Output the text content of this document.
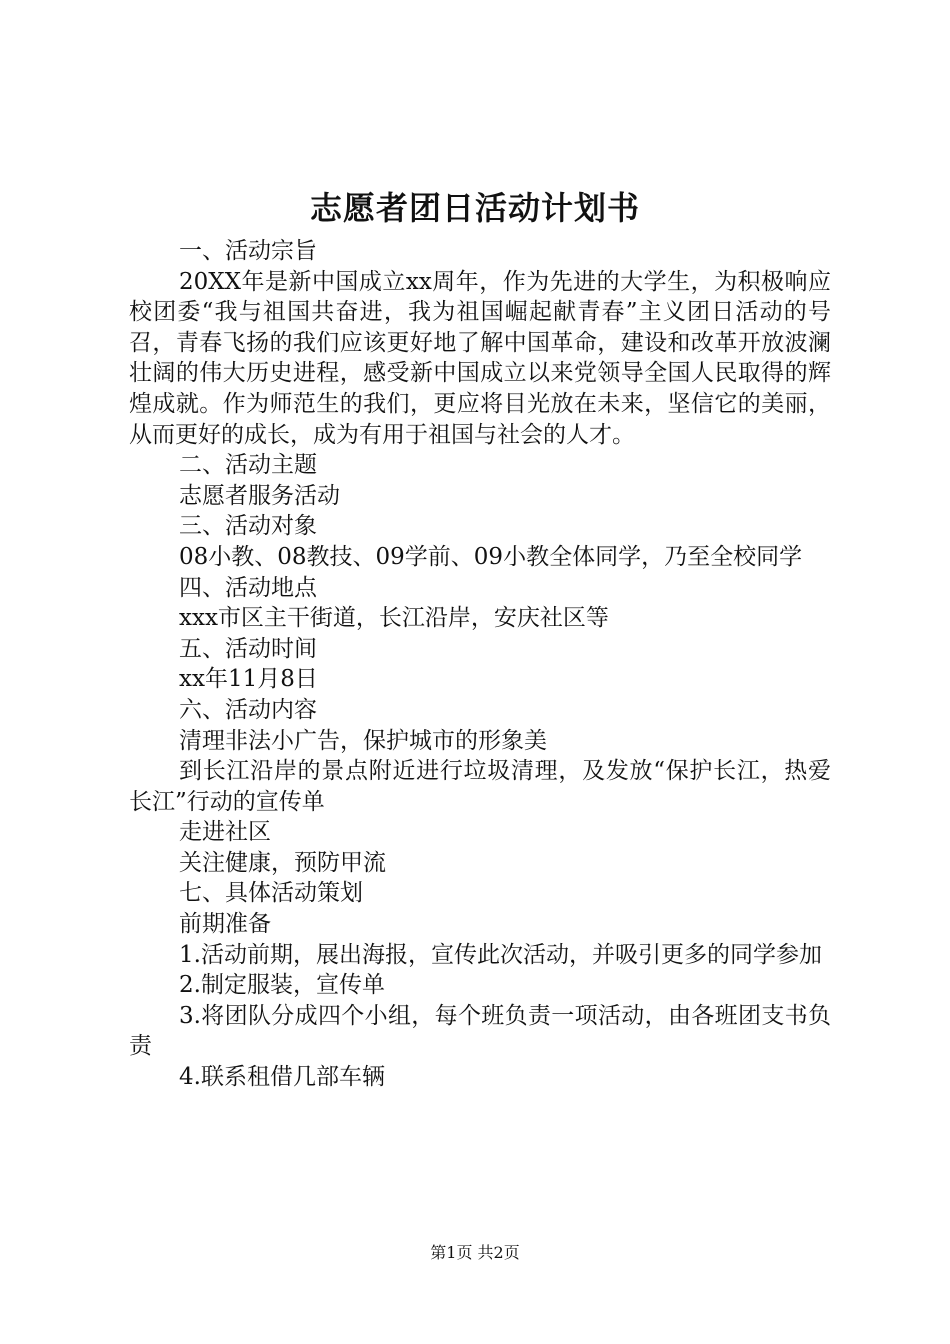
志愿者团日活动计划书

一、活动宗旨

20XX年是新中国成立xx周年，作为先进的大学生，为积极响应校团委“我与祖国共奋进，我为祖国崛起献青春”主义团日活动的号召，青春飞扬的我们应该更好地了解中国革命，建设和改革开放波澜壮阔的伟大历史进程，感受新中国成立以来党领导全国人民取得的辉煌成就。作为师范生的我们，更应将目光放在未来，坚信它的美丽，从而更好的成长，成为有用于祖国与社会的人才。

二、活动主题

志愿者服务活动

三、活动对象

08小教、08教技、09学前、09小教全体同学，乃至全校同学

四、活动地点

xxx市区主干街道，长江沿岸，安庆社区等

五、活动时间

xx年11月8日

六、活动内容

清理非法小广告，保护城市的形象美

到长江沿岸的景点附近进行垃圾清理，及发放“保护长江，热爱长江”行动的宣传单

走进社区

关注健康，预防甲流

七、具体活动策划

前期准备

1.活动前期，展出海报，宣传此次活动，并吸引更多的同学参加

2.制定服装，宣传单

3.将团队分成四个小组，每个班负责一项活动，由各班团支书负责

4.联系租借几部车辆

第1页 共2页
